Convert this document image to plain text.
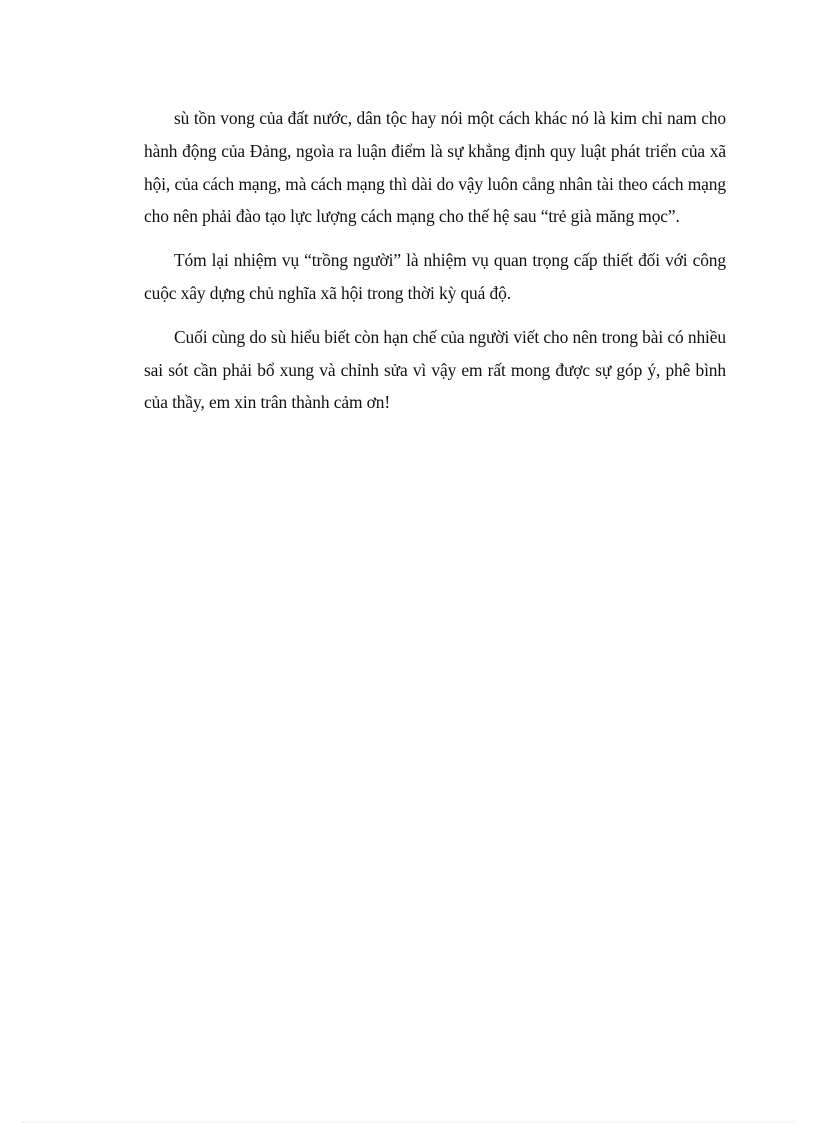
sù tồn vong của đất nước, dân tộc hay nói một cách khác nó là kim chỉ nam cho hành động của Đảng, ngoìa ra luận điểm là sự khẳng định quy luật phát triển của xã hội, của cách mạng, mà cách mạng thì dài do vậy luôn cång nhân tài theo cách mạng cho nên phải đào tạo lực lượng cách mạng cho thế hệ sau “trẻ già măng mọc”.

Tóm lại nhiệm vụ “trồng người” là nhiệm vụ quan trọng cấp thiết đối với công cuộc xây dựng chủ nghĩa xã hội trong thời kỳ quá độ.

Cuối cùng do sù hiểu biết còn hạn chế của người viết cho nên trong bài có nhiều sai sót cần phải bổ xung và chỉnh sửa vì vậy em rất mong được sự góp ý, phê bình của thầy, em xin trân thành cảm ơn!
